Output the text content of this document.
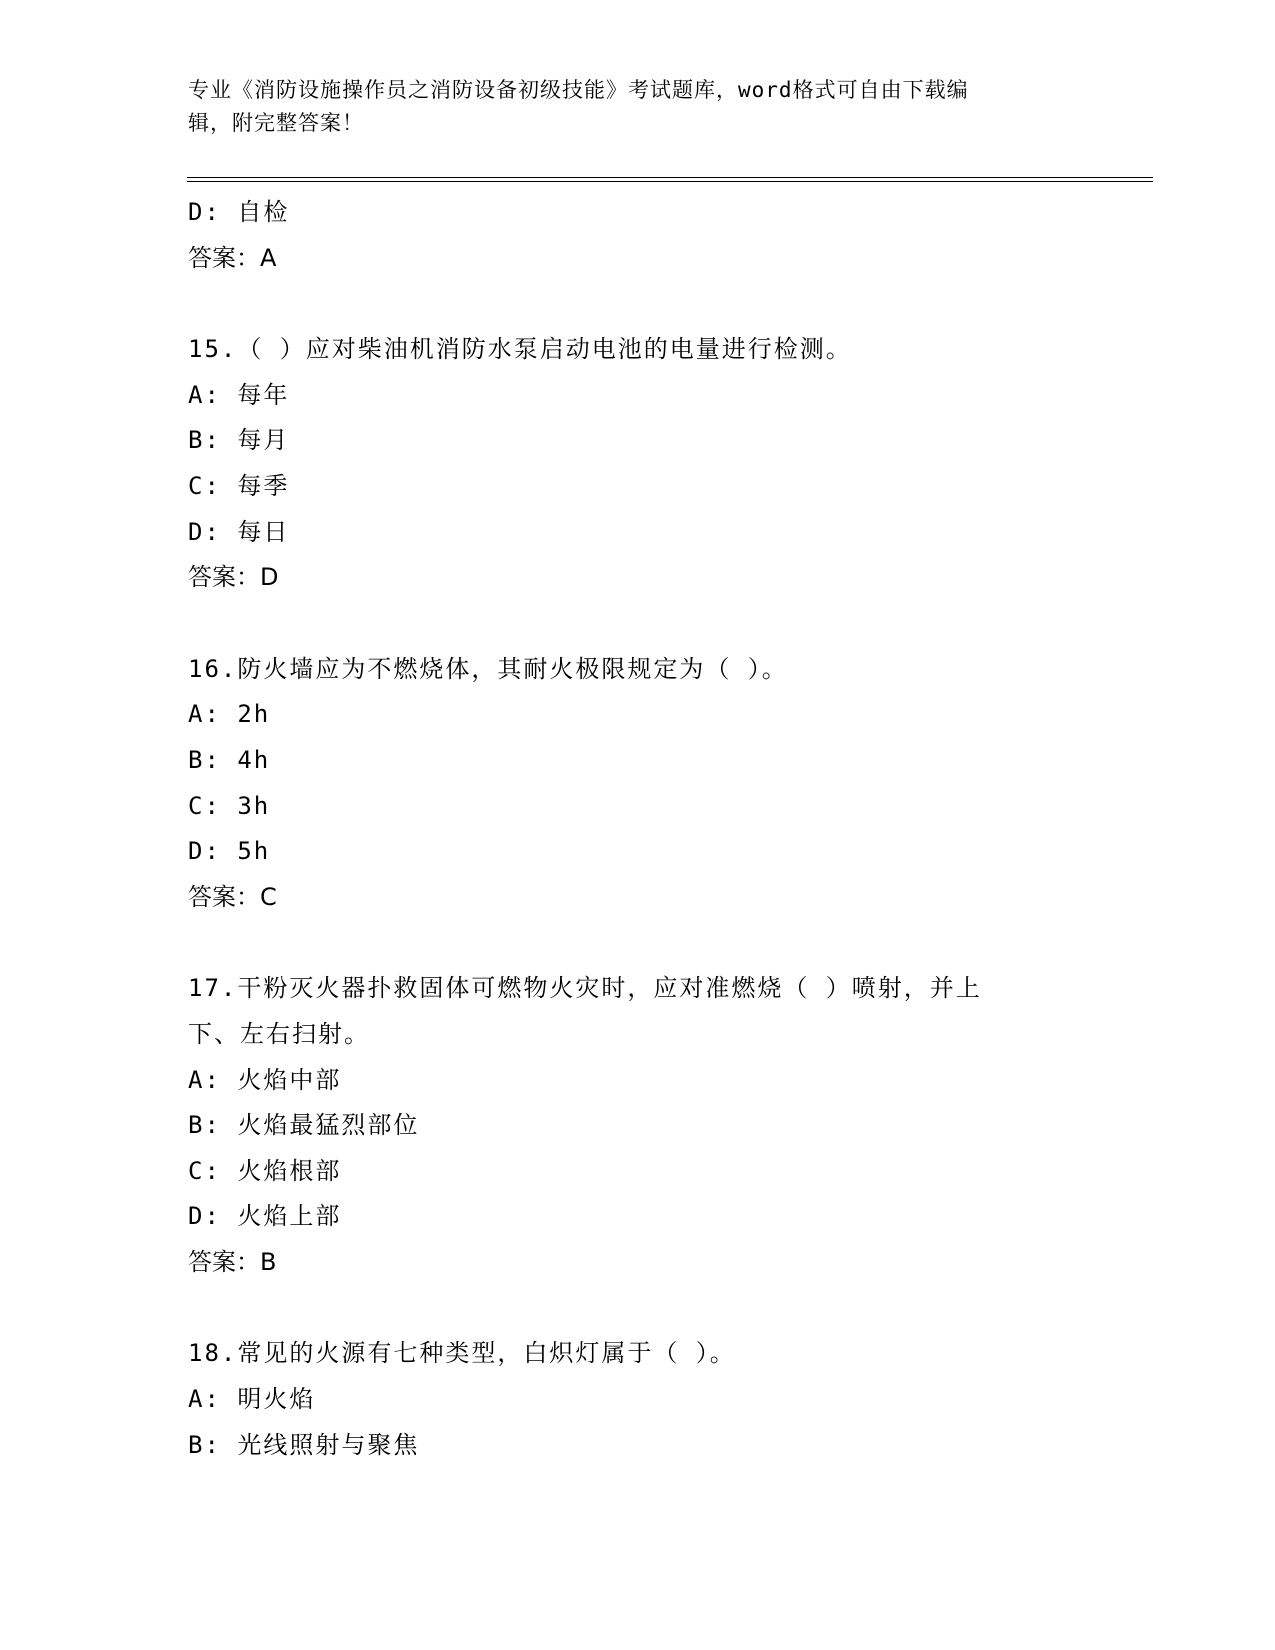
专业《消防设施操作员之消防设备初级技能》考试题库，word格式可自由下载编
辑，附完整答案！
D: 自检
答案：A
15.（ ）应对柴油机消防水泵启动电池的电量进行检测。
A: 每年
B: 每月
C: 每季
D: 每日
答案：D
16.防火墙应为不燃烧体，其耐火极限规定为（ ）。
A: 2h
B: 4h
C: 3h
D: 5h
答案：C
17.干粉灭火器扑救固体可燃物火灾时，应对准燃烧（ ）喷射，并上
下、左右扫射。
A: 火焰中部
B: 火焰最猛烈部位
C: 火焰根部
D: 火焰上部
答案：B
18.常见的火源有七种类型，白炽灯属于（ ）。
A: 明火焰
B: 光线照射与聚焦
